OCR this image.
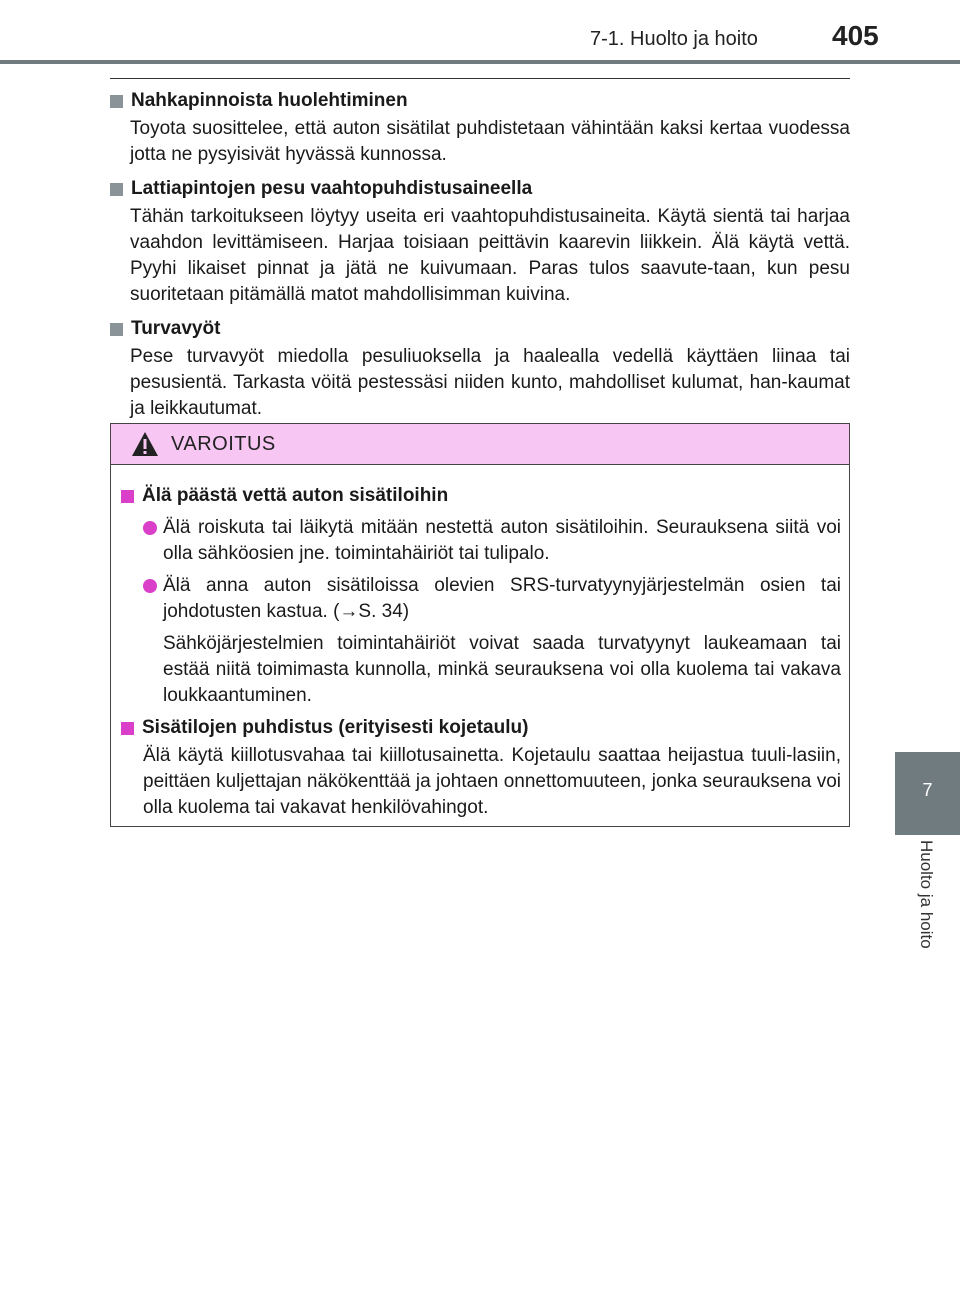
7-1. Huolto ja hoito	405
7
Huolto ja hoito
Nahkapinnoista huolehtiminen
Toyota suosittelee, että auton sisätilat puhdistetaan vähintään kaksi kertaa vuodessa jotta ne pysyisivät hyvässä kunnossa.
Lattiapintojen pesu vaahtopuhdistusaineella
Tähän tarkoitukseen löytyy useita eri vaahtopuhdistusaineita. Käytä sientä tai harjaa vaahdon levittämiseen. Harjaa toisiaan peittävin kaarevin liikkein. Älä käytä vettä. Pyyhi likaiset pinnat ja jätä ne kuivumaan. Paras tulos saavute-taan, kun pesu suoritetaan pitämällä matot mahdollisimman kuivina.
Turvavyöt
Pese turvavyöt miedolla pesuliuoksella ja haalealla vedellä käyttäen liinaa tai pesusientä. Tarkasta vöitä pestessäsi niiden kunto, mahdolliset kulumat, han-kaumat ja leikkautumat.
VAROITUS
Älä päästä vettä auton sisätiloihin
Älä roiskuta tai läikytä mitään nestettä auton sisätiloihin. Seurauksena siitä voi olla sähköosien jne. toimintahäiriöt tai tulipalo.
Älä anna auton sisätiloissa olevien SRS-turvatyynyjärjestelmän osien tai johdotusten kastua. (→S. 34)
Sähköjärjestelmien toimintahäiriöt voivat saada turvatyynyt laukeamaan tai estää niitä toimimasta kunnolla, minkä seurauksena voi olla kuolema tai vakava loukkaantuminen.
Sisätilojen puhdistus (erityisesti kojetaulu)
Älä käytä kiillotusvahaa tai kiillotusainetta. Kojetaulu saattaa heijastua tuuli-lasiin, peittäen kuljettajan näkökenttää ja johtaen onnettomuuteen, jonka seurauksena voi olla kuolema tai vakavat henkilövahingot.
